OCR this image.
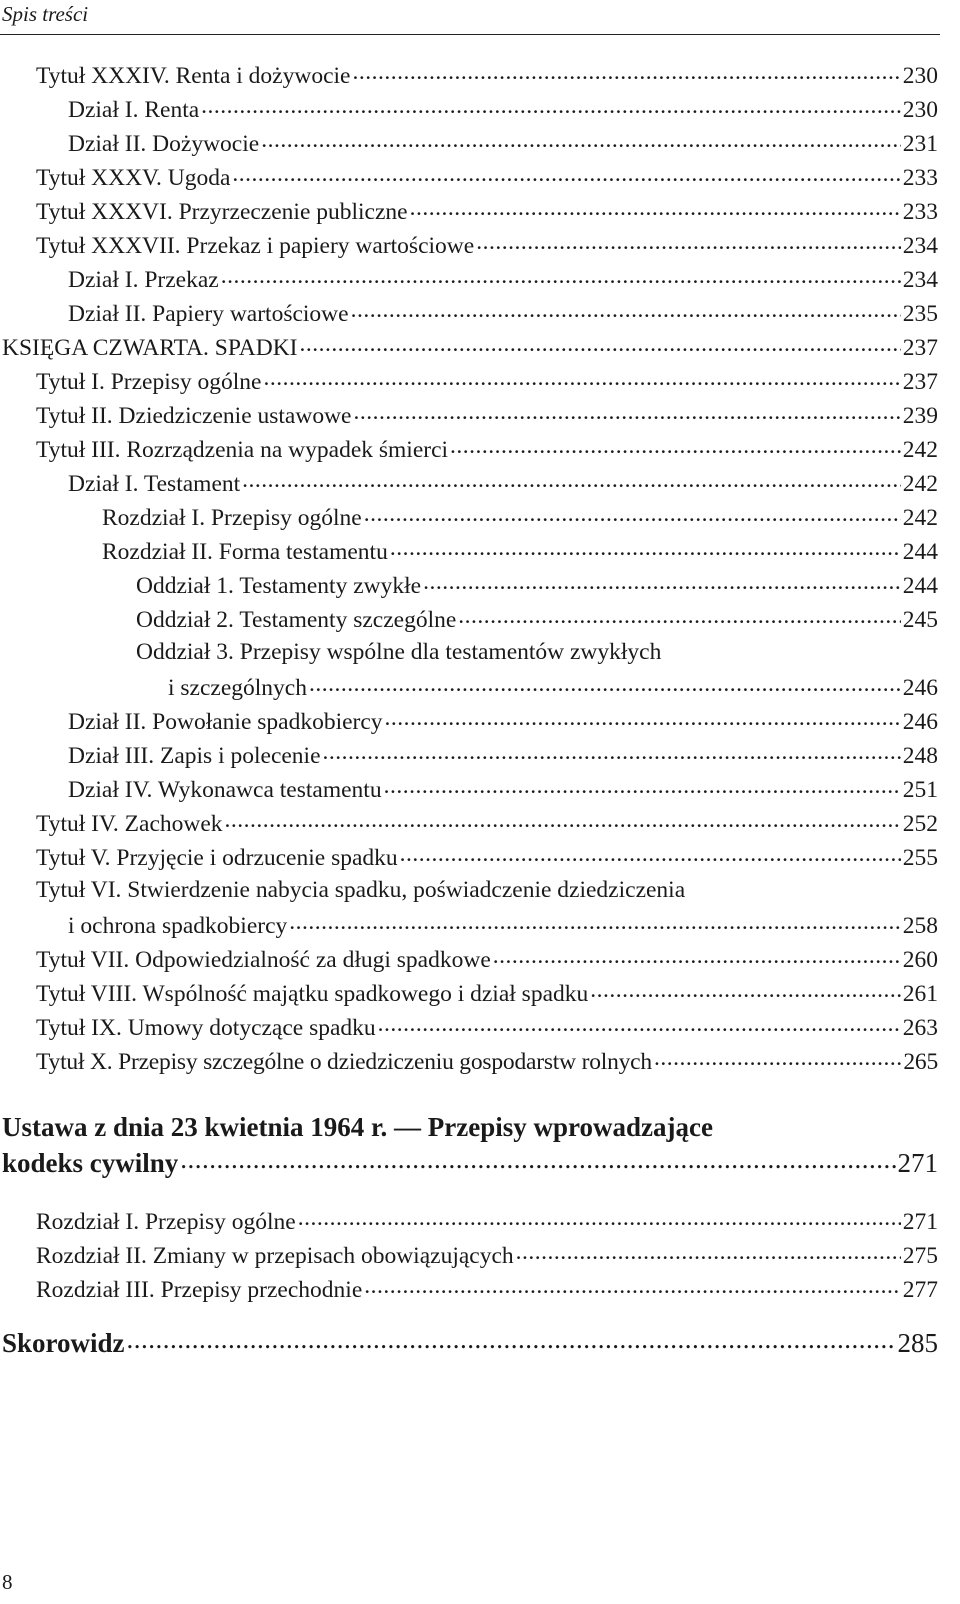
Spis treści
Tytuł XXXIV. Renta i dożywocie .....	230
Dział I. Renta .....	230
Dział II. Dożywocie .....	231
Tytuł XXXV. Ugoda .....	233
Tytuł XXXVI. Przyrzeczenie publiczne .....	233
Tytuł XXXVII. Przekaz i papiery wartościowe .....	234
Dział I. Przekaz .....	234
Dział II. Papiery wartościowe .....	235
KSIĘGA CZWARTA. SPADKI .....	237
Tytuł I. Przepisy ogólne .....	237
Tytuł II. Dziedziczenie ustawowe .....	239
Tytuł III. Rozrządzenia na wypadek śmierci .....	242
Dział I. Testament .....	242
Rozdział I. Przepisy ogólne .....	242
Rozdział II. Forma testamentu .....	244
Oddział 1. Testamenty zwykłe .....	244
Oddział 2. Testamenty szczególne .....	245
Oddział 3. Przepisy wspólne dla testamentów zwykłych
i szczególnych .....	246
Dział II. Powołanie spadkobiercy .....	246
Dział III. Zapis i polecenie .....	248
Dział IV. Wykonawca testamentu .....	251
Tytuł IV. Zachowek .....	252
Tytuł V. Przyjęcie i odrzucenie spadku .....	255
Tytuł VI. Stwierdzenie nabycia spadku, poświadczenie dziedziczenia
i ochrona spadkobiercy .....	258
Tytuł VII. Odpowiedzialność za długi spadkowe .....	260
Tytuł VIII. Wspólność majątku spadkowego i dział spadku .....	261
Tytuł IX. Umowy dotyczące spadku .....	263
Tytuł X. Przepisy szczególne o dziedziczeniu gospodarstw rolnych .....	265
Ustawa z dnia 23 kwietnia 1964 r. — Przepisy wprowadzające
kodeks cywilny .....	271
Rozdział I. Przepisy ogólne .....	271
Rozdział II. Zmiany w przepisach obowiązujących .....	275
Rozdział III. Przepisy przechodnie .....	277
Skorowidz .....	285
8
